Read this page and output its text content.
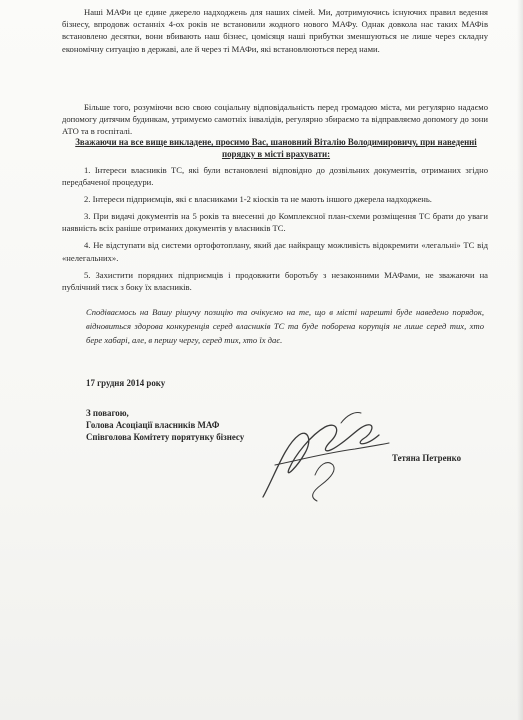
Наші МАФи це єдине джерело надходжень для наших сімей. Ми, дотримуючись існуючих правил ведення бізнесу, впродовж останніх 4-ох років не встановили жодного нового МАФу. Однак довкола нас таких МАФів встановлено десятки, вони вбивають наш бізнес, цомісяця наші прибутки зменшуються не лише через складну економічну ситуацію в державі, але й через ті МАФи, які встановлюються перед нами.
Більше того, розуміючи всю свою соціальну відповідальність перед громадою міста, ми регулярно надаємо допомогу дитячим будинкам, утримуємо самотніх інвалідів, регулярно збираємо та відправляємо допомогу до зони АТО та в госпіталі.
Зважаючи на все вище викладене, просимо Вас, шановний Віталію Володимировичу, при наведенні порядку в місті врахувати:
1. Інтереси власників ТС, які були встановлені відповідно до дозвільних документів, отриманих згідно передбаченої процедури.
2. Інтереси підприємців, які є власниками 1-2 кіосків та не мають іншого джерела надходжень.
3. При видачі документів на 5 років та внесенні до Комплексної план-схеми розміщення ТС брати до уваги наявність всіх раніше отриманих документів у власників ТС.
4. Не відступати від системи ортофотоплану, який дає найкращу можливість відокремити «легальні» ТС від «нелегальних».
5. Захистити порядних підприємців і продовжити боротьбу з незаконними МАФами, не зважаючи на публічний тиск з боку їх власників.
Сподіваємось на Вашу рішучу позицію та очікуємо на те, що в місті нарешті буде наведено порядок, відновиться здорова конкуренція серед власників ТС та буде поборена корупція не лише серед тих, хто бере хабарі, але, в першу чергу, серед тих, хто їх дає.
17 грудня 2014 року
З повагою,
Голова Асоціації власників МАФ
Співголова Комітету порятунку бізнесу
Тетяна Петренко
